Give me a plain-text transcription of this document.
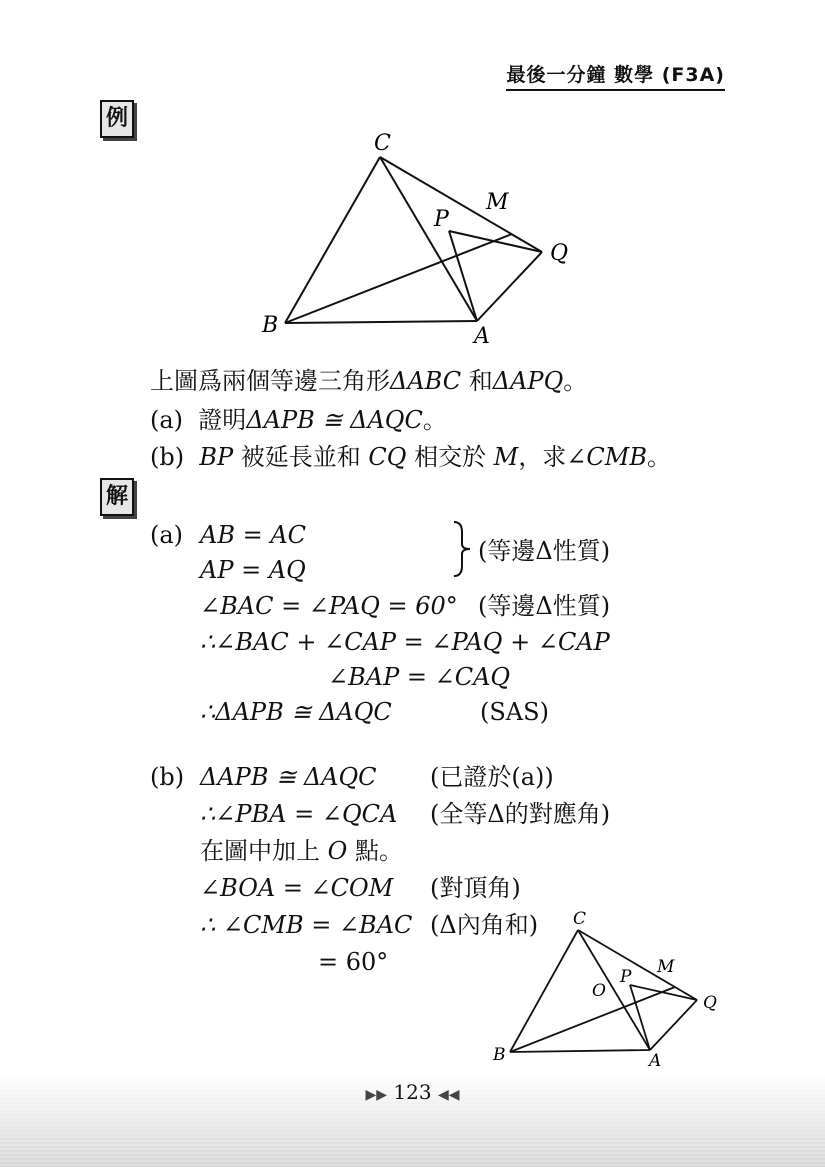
最後一分鐘 數學 (F3A)
例
C
M
P
Q
B	A
上圖爲兩個等邊三角形ΔABC 和ΔAPQ。
(a) 證明ΔAPB ≅ ΔAQC。
(b) BP 被延長並和 CQ 相交於 M，求∠CMB。
解
(a) AB = AC
AP = AQ
(等邊Δ性質)
∠BAC = ∠PAQ = 60° (等邊Δ性質)
∴∠BAC + ∠CAP = ∠PAQ + ∠CAP
∠BAP = ∠CAQ
∴ΔAPB ≅ ΔAQC	(SAS)
(b) ΔAPB ≅ ΔAQC (已證於(a))
∴∠PBA = ∠QCA (全等Δ的對應角)
在圖中加上 O 點。
∠BOA = ∠COM (對頂角)
∴ ∠CMB = ∠BAC (Δ內角和)
= 60°
C
M
P
O
Q
B	A
▶▶ 123 ◀◀
